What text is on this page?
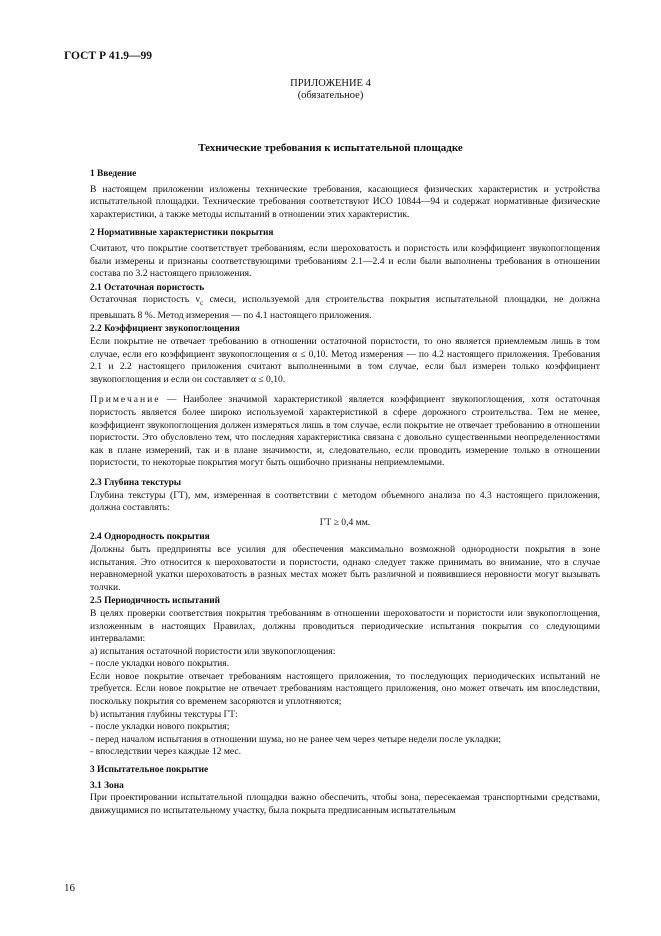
ГОСТ Р 41.9—99
ПРИЛОЖЕНИЕ 4
(обязательное)
Технические требования к испытательной площадке

1 Введение

В настоящем приложении изложены технические требования, касающиеся физических характеристик и устройства испытательной площадки. Технические требования соответствуют ИСО 10844—94 и содержат нормативные физические характеристики, а также методы испытаний в отношении этих характеристик.

2 Нормативные характеристики покрытия

Считают, что покрытие соответствует требованиям, если шероховатость и пористость или коэффициент звукопоглощения были измерены и признаны соответствующими требованиям 2.1—2.4 и если были выполнены требования в отношении состава по 3.2 настоящего приложения.

2.1 Остаточная пористость

Остаточная пористость $v_c$ смеси, используемой для строительства покрытия испытательной площадки, не должна превышать 8 %. Метод измерения — по 4.1 настоящего приложения.

2.2 Коэффициент звукопоглощения

Если покрытие не отвечает требованию в отношении остаточной пористости, то оно является приемлемым лишь в том случае, если его коэффициент звукопоглощения α ≤ 0,10. Метод измерения — по 4.2 настоящего приложения. Требования 2.1 и 2.2 настоящего приложения считают выполненными в том случае, если был измерен только коэффициент звукопоглощения и если он составляет α ≤ 0,10.

Примечание — Наиболее значимой характеристикой является коэффициент звукопоглощения, хотя остаточная пористость является более широко используемой характеристикой в сфере дорожного строительства. Тем не менее, коэффициент звукопоглощения должен измеряться лишь в том случае, если покрытие не отвечает требованию в отношении пористости. Это обусловлено тем, что последняя характеристика связана с довольно существенными неопределенностями как в плане измерений, так и в плане значимости, и, следовательно, если проводить измерение только в отношении пористости, то некоторые покрытия могут быть ошибочно признаны неприемлемыми.

2.3 Глубина текстуры

Глубина текстуры (ГТ), мм, измеренная в соответствии с методом объемного анализа по 4.3 настоящего приложения, должна составлять:

ГТ ≥ 0,4 мм.

2.4 Однородность покрытия

Должны быть предприняты все усилия для обеспечения максимально возможной однородности покрытия в зоне испытания. Это относится к шероховатости и пористости, однако следует также принимать во внимание, что в случае неравномерной укатки шероховатость в разных местах может быть различной и появившиеся неровности могут вызывать толчки.

2.5 Периодичность испытаний

В целях проверки соответствия покрытия требованиям в отношении шероховатости и пористости или звукопоглощения, изложенным в настоящих Правилах, должны проводиться периодические испытания покрытия со следующими интервалами:

a) испытания остаточной пористости или звукопоглощения:

- после укладки нового покрытия.

Если новое покрытие отвечает требованиям настоящего приложения, то последующих периодических испытаний не требуется. Если новое покрытие не отвечает требованиям настоящего приложения, оно может отвечать им впоследствии, поскольку покрытия со временем засоряются и уплотняются;

b) испытания глубины текстуры ГТ:

- после укладки нового покрытия;

- перед началом испытания в отношении шума, но не ранее чем через четыре недели после укладки;

- впоследствии через каждые 12 мес.

3 Испытательное покрытие

3.1 Зона

При проектировании испытательной площадки важно обеспечить, чтобы зона, пересекаемая транспортными средствами, движущимися по испытательному участку, была покрыта предписанным испытательным

16
